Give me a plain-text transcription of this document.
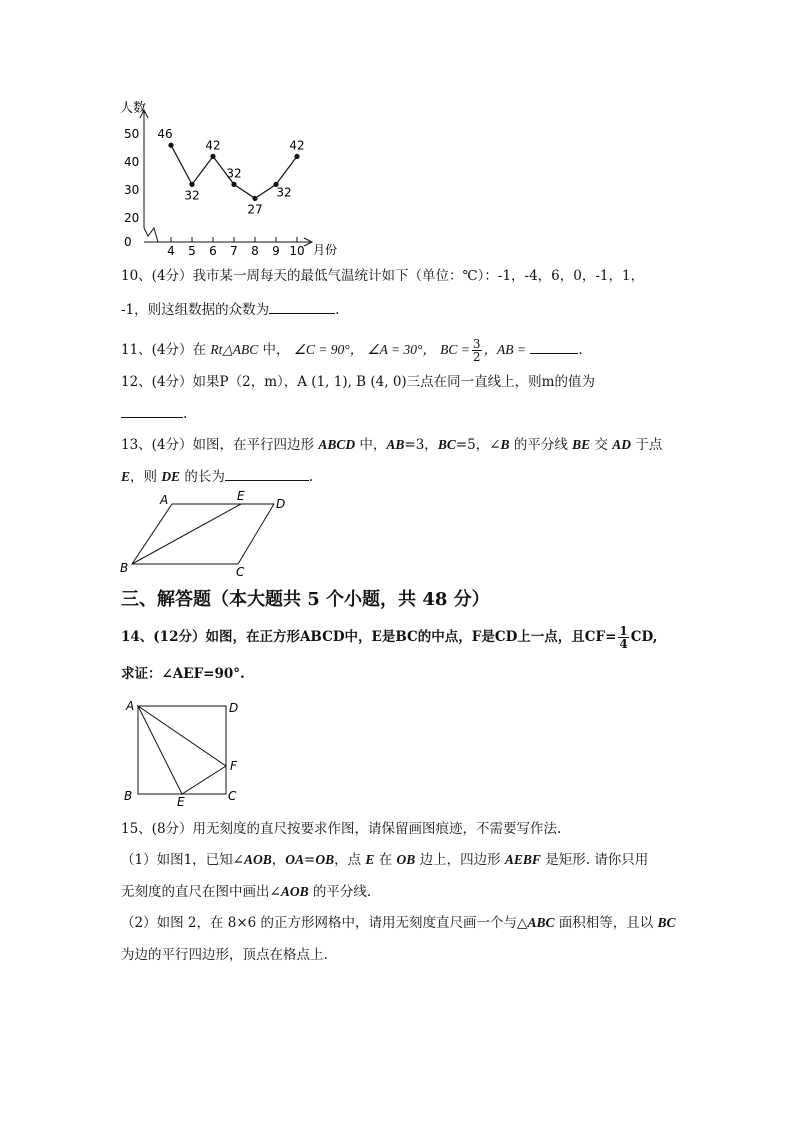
人数
月份
0
20
30
40
50
4 5 6 7 8 9 10
46
32
42
32
27
32
42
10、(4分）我市某一周每天的最低气温统计如下（单位：℃）：-1，-4，6，0，-1，1，
-1，则这组数据的众数为	.
11、(4分）在 Rt△ABC 中， ∠C = 90°， ∠A = 30°， BC = $\frac{3}{2}$ ，AB =	.
12、(4分）如果P（2，m），A (1, 1), B (4, 0)三点在同一直线上，则m的值为
.
13、(4分）如图，在平行四边形 ABCD 中，AB=3，BC=5，∠B 的平分线 BE 交 AD 于点
E，则 DE 的长为	.
A	E
D
B	C
三、解答题（本大题共 5 个小题，共 48 分）
14、(12分）如图，在正方形ABCD中，E是BC的中点，F是CD上一点，且$CF= \frac{1}{4}$ CD,
求证：∠AEF=90°.
A	D
F
B	E	C
15、(8分）用无刻度的直尺按要求作图，请保留画图痕迹，不需要写作法.
（1）如图1，已知∠AOB，OA=OB，点 E 在 OB 边上，四边形 AEBF 是矩形. 请你只用
无刻度的直尺在图中画出∠AOB 的平分线.
（2）如图 2，在 8×6 的正方形网格中，请用无刻度直尺画一个与△ABC 面积相等，且以 BC
为边的平行四边形，顶点在格点上.
